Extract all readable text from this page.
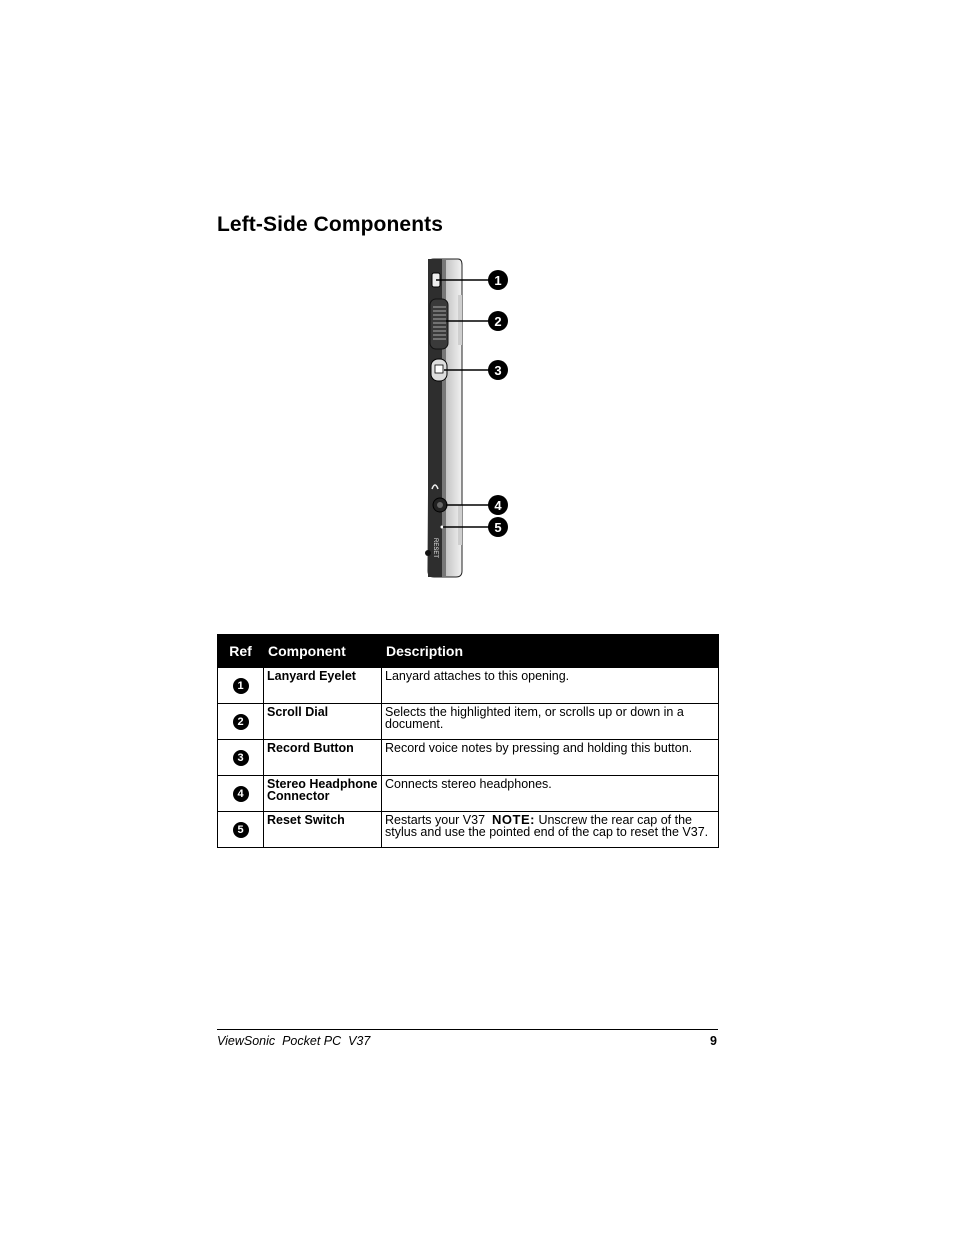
Left-Side Components
RESET
1
2
3
4
5
Ref	Component	Description
1	Lanyard Eyelet	Lanyard attaches to this opening.
2	Scroll Dial	Selects the highlighted item, or scrolls up or down in a document.
3	Record Button	Record voice notes by pressing and holding this button.
4	Stereo Headphone Connector	Connects stereo headphones.
5	Reset Switch	Restarts your V37 NOTE: Unscrew the rear cap of the stylus and use the pointed end of the cap to reset the V37.
ViewSonic  Pocket PC  V37	9
